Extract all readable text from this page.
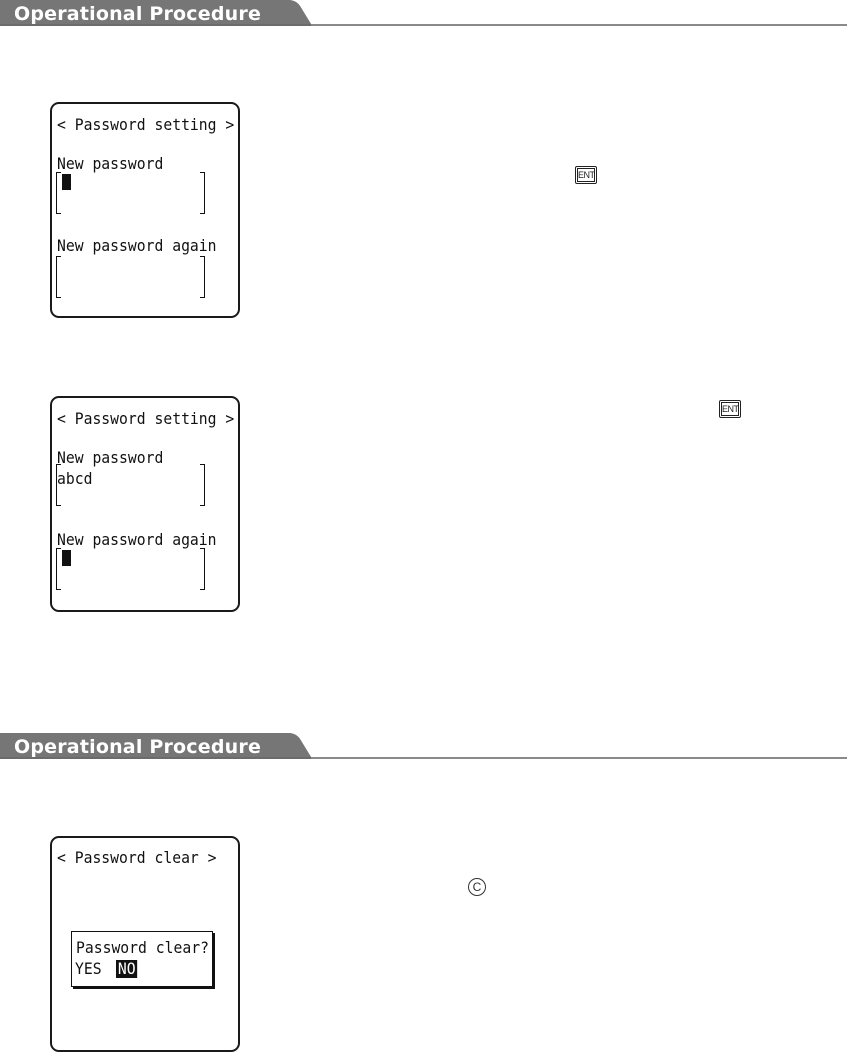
Operational Procedure
< Password setting >
New password
New password again
ENT
< Password setting >
New password
abcd
New password again
ENT
Operational Procedure
< Password clear >
Password clear?
YES NO
C
